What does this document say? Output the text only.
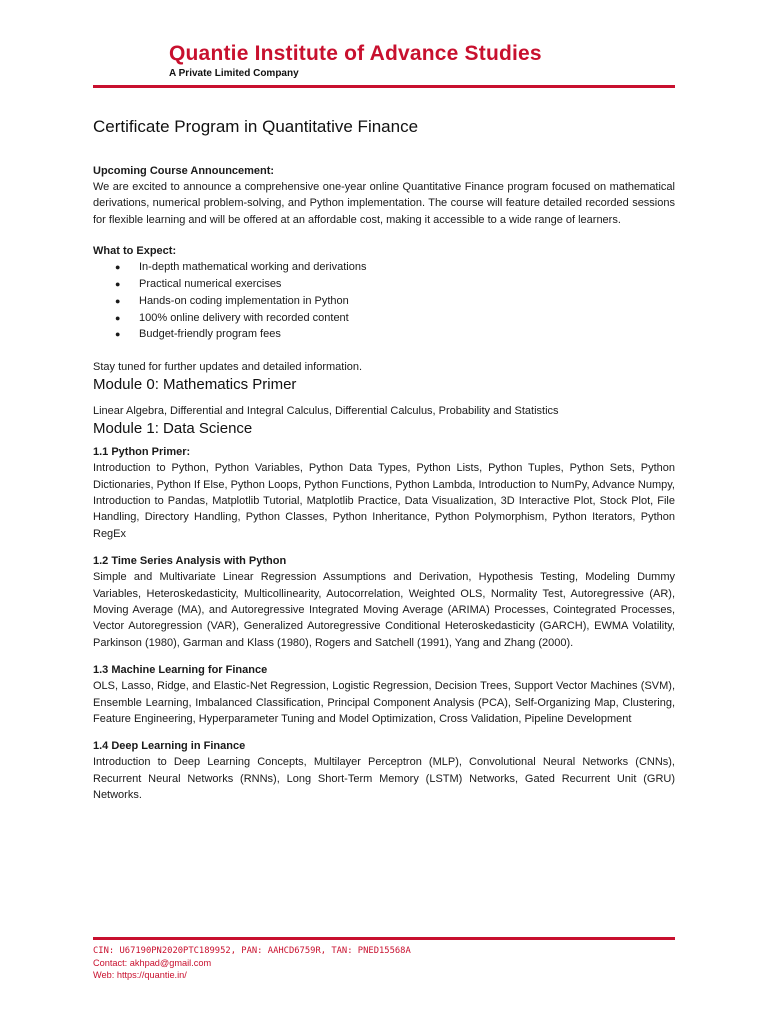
Quantie Institute of Advance Studies
A Private Limited Company
Certificate Program in Quantitative Finance
Upcoming Course Announcement:

We are excited to announce a comprehensive one-year online Quantitative Finance program focused on mathematical derivations, numerical problem-solving, and Python implementation. The course will feature detailed recorded sessions for flexible learning and will be offered at an affordable cost, making it accessible to a wide range of learners.

What to Expect:
● In-depth mathematical working and derivations
● Practical numerical exercises
● Hands-on coding implementation in Python
● 100% online delivery with recorded content
● Budget-friendly program fees
Stay tuned for further updates and detailed information.
Module 0: Mathematics Primer
Linear Algebra, Differential and Integral Calculus, Differential Calculus, Probability and Statistics
Module 1: Data Science
1.1 Python Primer:

Introduction to Python, Python Variables, Python Data Types, Python Lists, Python Tuples, Python Sets, Python Dictionaries, Python If Else, Python Loops, Python Functions, Python Lambda, Introduction to NumPy, Advance Numpy, Introduction to Pandas, Matplotlib Tutorial, Matplotlib Practice, Data Visualization, 3D Interactive Plot, Stock Plot, File Handling, Directory Handling, Python Classes, Python Inheritance, Python Polymorphism, Python Iterators, Python RegEx

1.2 Time Series Analysis with Python

Simple and Multivariate Linear Regression Assumptions and Derivation, Hypothesis Testing, Modeling Dummy Variables, Heteroskedasticity, Multicollinearity, Autocorrelation, Weighted OLS, Normality Test, Autoregressive (AR), Moving Average (MA), and Autoregressive Integrated Moving Average (ARIMA) Processes, Cointegrated Processes, Vector Autoregression (VAR), Generalized Autoregressive Conditional Heteroskedasticity (GARCH), EWMA Volatility, Parkinson (1980), Garman and Klass (1980), Rogers and Satchell (1991), Yang and Zhang (2000).

1.3 Machine Learning for Finance

OLS, Lasso, Ridge, and Elastic-Net Regression, Logistic Regression, Decision Trees, Support Vector Machines (SVM), Ensemble Learning, Imbalanced Classification, Principal Component Analysis (PCA), Self-Organizing Map, Clustering, Feature Engineering, Hyperparameter Tuning and Model Optimization, Cross Validation, Pipeline Development

1.4 Deep Learning in Finance

Introduction to Deep Learning Concepts, Multilayer Perceptron (MLP), Convolutional Neural Networks (CNNs), Recurrent Neural Networks (RNNs), Long Short-Term Memory (LSTM) Networks, Gated Recurrent Unit (GRU) Networks.

CIN: U67190PN2020PTC189952, PAN: AAHCD6759R, TAN: PNED15568A
Contact: akhpad@gmail.com
Web: https://quantie.in/
